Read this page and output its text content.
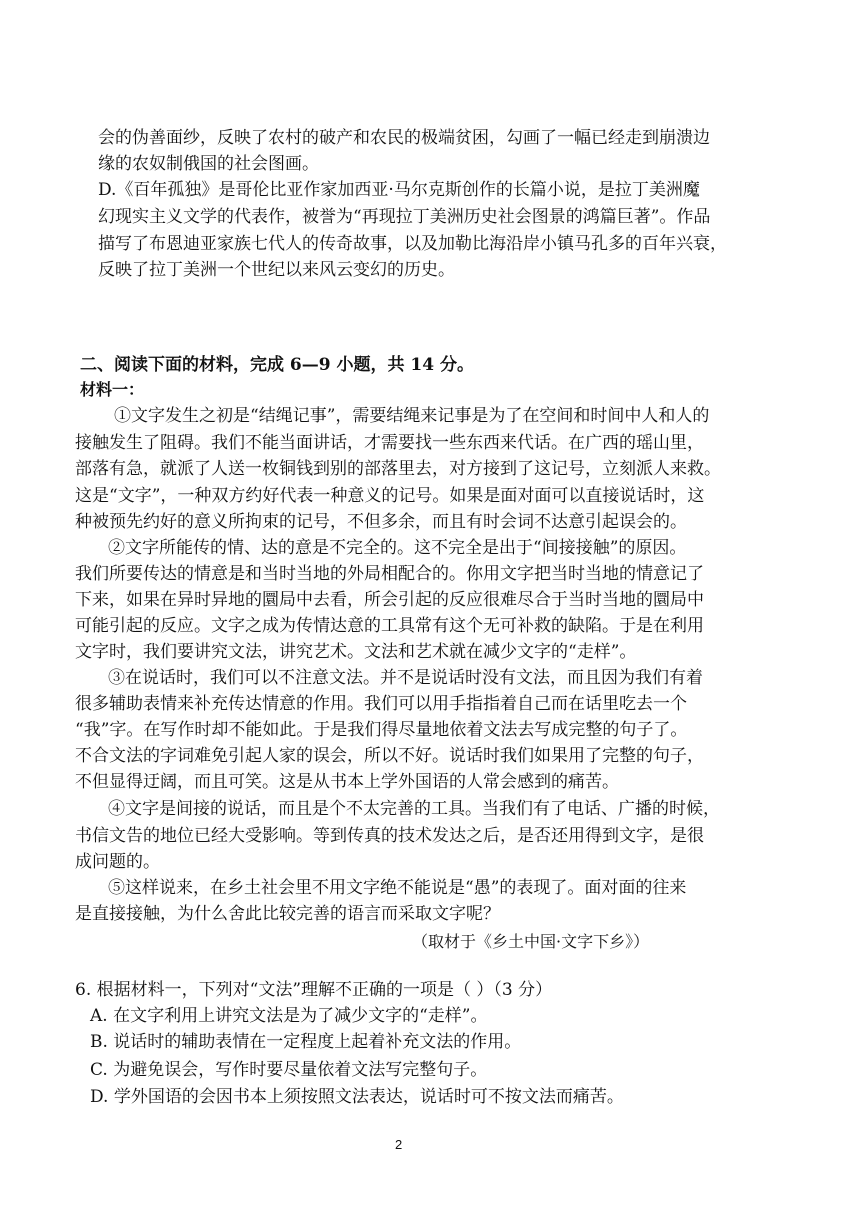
会的伪善面纱，反映了农村的破产和农民的极端贫困，勾画了一幅已经走到崩溃边
缘的农奴制俄国的社会图画。
D.《百年孤独》是哥伦比亚作家加西亚·马尔克斯创作的长篇小说，是拉丁美洲魔
幻现实主义文学的代表作，被誉为“再现拉丁美洲历史社会图景的鸿篇巨著”。作品
描写了布恩迪亚家族七代人的传奇故事，以及加勒比海沿岸小镇马孔多的百年兴衰，
反映了拉丁美洲一个世纪以来风云变幻的历史。
二、阅读下面的材料，完成 6—9 小题，共 14 分。
材料一：
①文字发生之初是“结绳记事”，需要结绳来记事是为了在空间和时间中人和人的
接触发生了阻碍。我们不能当面讲话，才需要找一些东西来代话。在广西的瑶山里，
部落有急，就派了人送一枚铜钱到别的部落里去，对方接到了这记号，立刻派人来救。
这是“文字”，一种双方约好代表一种意义的记号。如果是面对面可以直接说话时，这
种被预先约好的意义所拘束的记号，不但多余，而且有时会词不达意引起误会的。
②文字所能传的情、达的意是不完全的。这不完全是出于“间接接触”的原因。
我们所要传达的情意是和当时当地的外局相配合的。你用文字把当时当地的情意记了
下来，如果在异时异地的圜局中去看，所会引起的反应很难尽合于当时当地的圜局中
可能引起的反应。文字之成为传情达意的工具常有这个无可补救的缺陷。于是在利用
文字时，我们要讲究文法，讲究艺术。文法和艺术就在减少文字的“走样”。
③在说话时，我们可以不注意文法。并不是说话时没有文法，而且因为我们有着
很多辅助表情来补充传达情意的作用。我们可以用手指指着自己而在话里吃去一个
“我”字。在写作时却不能如此。于是我们得尽量地依着文法去写成完整的句子了。
不合文法的字词难免引起人家的误会，所以不好。说话时我们如果用了完整的句子，
不但显得迂阔，而且可笑。这是从书本上学外国语的人常会感到的痛苦。
④文字是间接的说话，而且是个不太完善的工具。当我们有了电话、广播的时候，
书信文告的地位已经大受影响。等到传真的技术发达之后，是否还用得到文字，是很
成问题的。
⑤这样说来，在乡土社会里不用文字绝不能说是“愚”的表现了。面对面的往来
是直接接触，为什么舍此比较完善的语言而采取文字呢？
（取材于《乡土中国·文字下乡》）
6. 根据材料一，下列对“文法”理解不正确的一项是（ ）（3 分）
A. 在文字利用上讲究文法是为了减少文字的“走样”。
B. 说话时的辅助表情在一定程度上起着补充文法的作用。
C. 为避免误会，写作时要尽量依着文法写完整句子。
D. 学外国语的会因书本上须按照文法表达，说话时可不按文法而痛苦。
2
